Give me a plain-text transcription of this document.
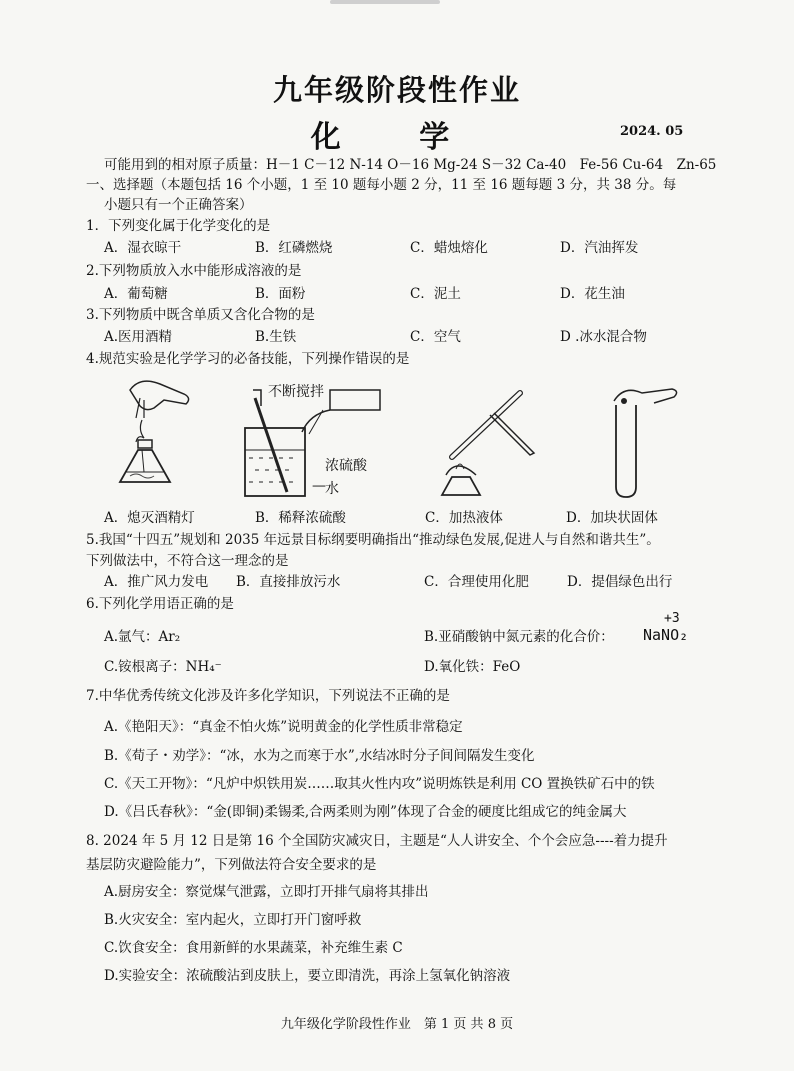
九年级阶段性作业
化 学	2024. 05
可能用到的相对原子质量：H－1 C－12 N-14 O－16 Mg-24 S－32 Ca-40　Fe-56 Cu-64　Zn-65
一、选择题（本题包括 16 个小题，1 至 10 题每小题 2 分，11 至 16 题每题 3 分，共 38 分。每
小题只有一个正确答案）
1．下列变化属于化学变化的是
A．湿衣晾干	B．红磷燃烧	C．蜡烛熔化	D．汽油挥发
2.下列物质放入水中能形成溶液的是
A．葡萄糖	B．面粉	C．泥土	D．花生油
3.下列物质中既含单质又含化合物的是
A.医用酒精	B.生铁	C．空气	D .冰水混合物
4.规范实验是化学学习的必备技能，下列操作错误的是
不断搅拌
浓硫酸
水
—
A．熄灭酒精灯	B．稀释浓硫酸	C．加热液体	D．加块状固体
5.我国“十四五”规划和 2035 年远景目标纲要明确指出“推动绿色发展,促进人与自然和谐共生”。
下列做法中，不符合这一理念的是
A．推广风力发电 B．直接排放污水	C．合理使用化肥	D．提倡绿色出行
6.下列化学用语正确的是
A.氩气：Ar₂	B.亚硝酸钠中氮元素的化合价：
+3
NaNO₂
C.铵根离子：NH₄⁻	D.氧化铁：FeO
7.中华优秀传统文化涉及许多化学知识，下列说法不正确的是
A.《艳阳天》：“真金不怕火炼”说明黄金的化学性质非常稳定
B.《荀子・劝学》：“冰，水为之而寒于水”,水结冰时分子间间隔发生变化
C.《天工开物》：“凡炉中炽铁用炭……取其火性内攻”说明炼铁是利用 CO 置换铁矿石中的铁
D.《吕氏春秋》：“金(即铜)柔锡柔,合两柔则为刚”体现了合金的硬度比组成它的纯金属大
8. 2024 年 5 月 12 日是第 16 个全国防灾减灾日，主题是“人人讲安全、个个会应急----着力提升
基层防灾避险能力”，下列做法符合安全要求的是
A.厨房安全：察觉煤气泄露，立即打开排气扇将其排出
B.火灾安全：室内起火，立即打开门窗呼救
C.饮食安全：食用新鲜的水果蔬菜，补充维生素 C
D.实验安全：浓硫酸沾到皮肤上，要立即清洗，再涂上氢氧化钠溶液
九年级化学阶段性作业　第 1 页 共 8 页
